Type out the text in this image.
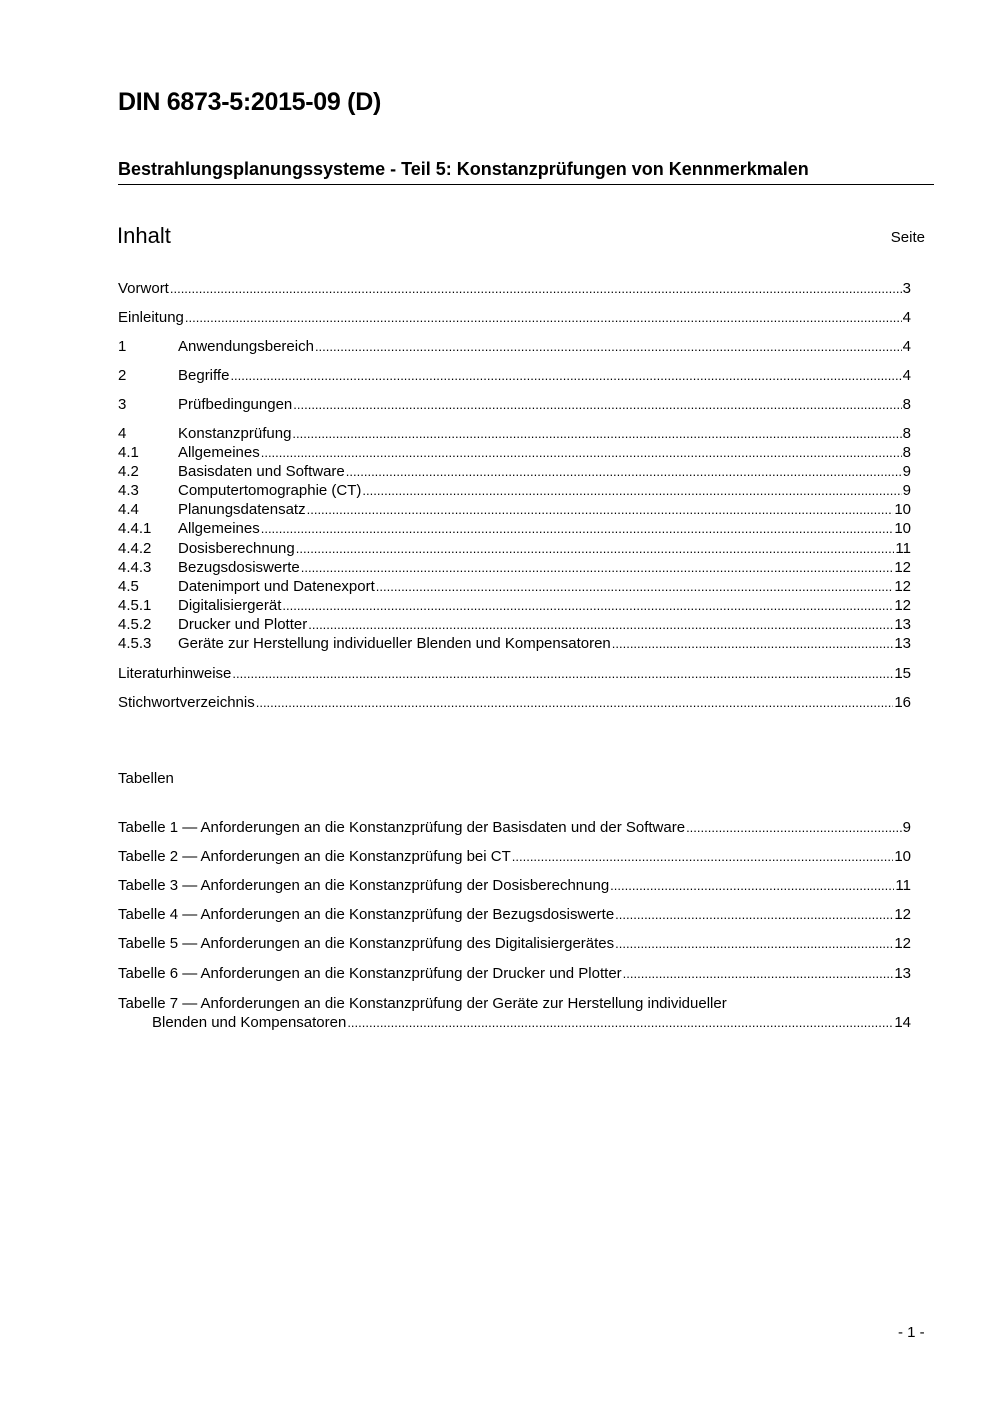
DIN 6873-5:2015-09 (D)
Bestrahlungsplanungssysteme - Teil 5: Konstanzprüfungen von Kennmerkmalen
Inhalt	Seite
Vorwort .....	3
Einleitung .....	4
1	Anwendungsbereich .....	4
2	Begriffe .....	4
3	Prüfbedingungen .....	8
4	Konstanzprüfung .....	8
4.1	Allgemeines .....	8
4.2	Basisdaten und Software .....	9
4.3	Computertomographie (CT) .....	9
4.4	Planungsdatensatz .....	10
4.4.1	Allgemeines .....	10
4.4.2	Dosisberechnung .....	11
4.4.3	Bezugsdosiswerte .....	12
4.5	Datenimport und Datenexport .....	12
4.5.1	Digitalisiergerät .....	12
4.5.2	Drucker und Plotter .....	13
4.5.3	Geräte zur Herstellung individueller Blenden und Kompensatoren .....	13
Literaturhinweise .....	15
Stichwortverzeichnis .....	16
Tabellen
Tabelle 1 — Anforderungen an die Konstanzprüfung der Basisdaten und der Software .....	9
Tabelle 2 — Anforderungen an die Konstanzprüfung bei CT .....	10
Tabelle 3 — Anforderungen an die Konstanzprüfung der Dosisberechnung .....	11
Tabelle 4 — Anforderungen an die Konstanzprüfung der Bezugsdosiswerte .....	12
Tabelle 5 — Anforderungen an die Konstanzprüfung des Digitalisiergerätes .....	12
Tabelle 6 — Anforderungen an die Konstanzprüfung der Drucker und Plotter .....	13
Tabelle 7 — Anforderungen an die Konstanzprüfung der Geräte zur Herstellung individueller
Blenden und Kompensatoren .....	14
- 1 -
